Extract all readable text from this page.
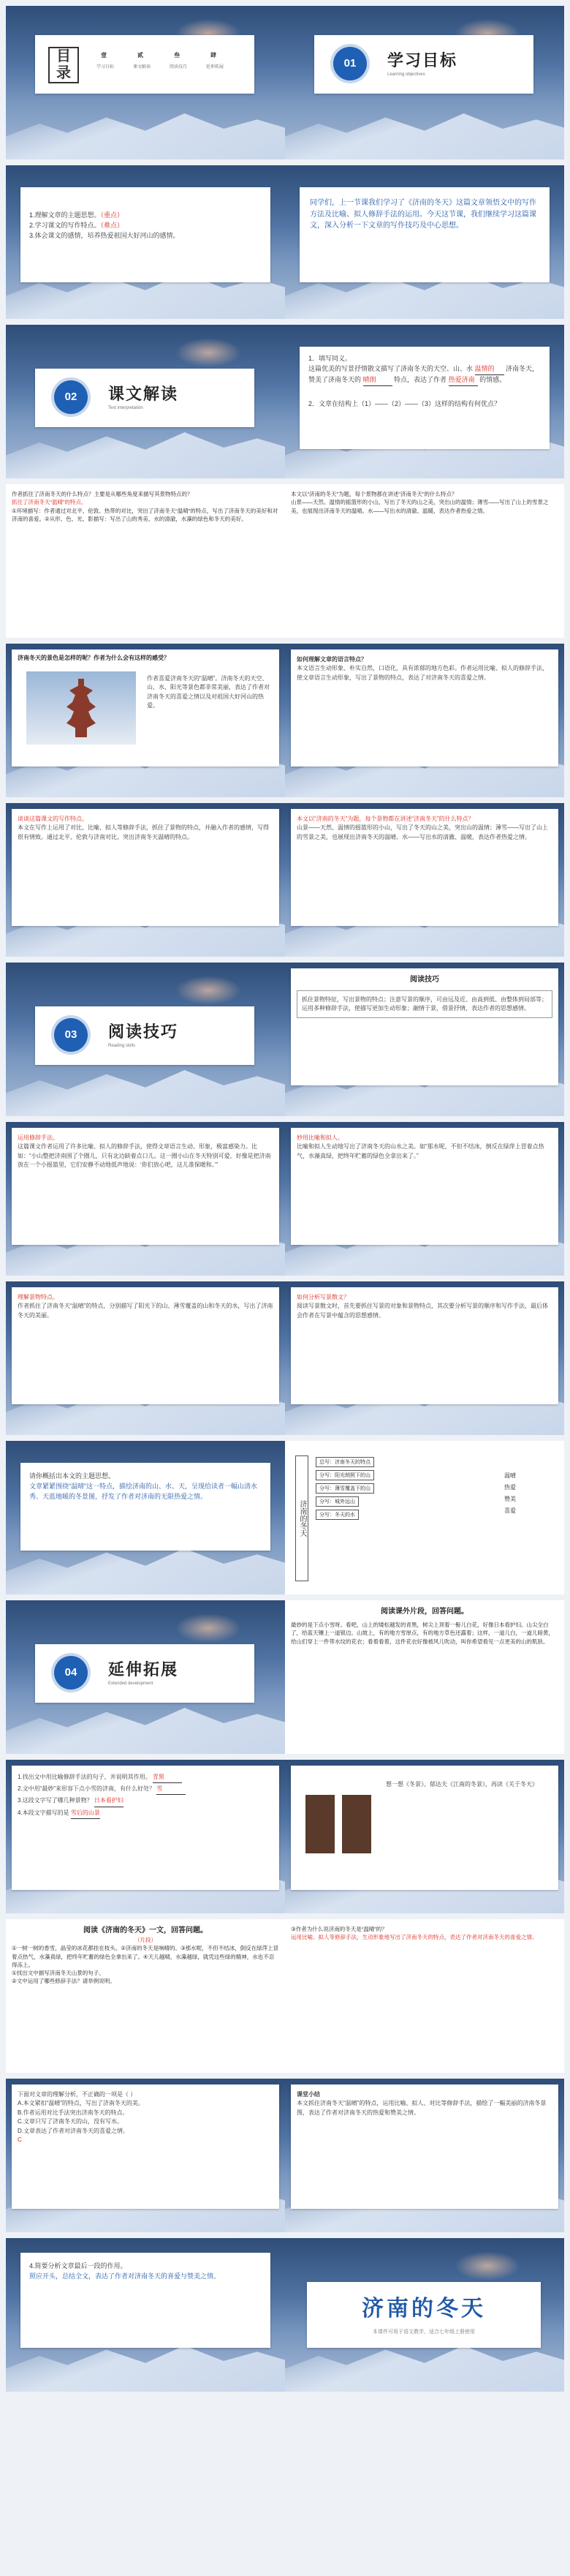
目录
壹	贰	叁	肆
学习目标	课文解读	阅读技巧	延伸拓展	01	学习目标
Learning objectives
1.理解文章的主题思想。（重点）
2.学习课文的写作特点。（难点）
3.体会课文的感情，培养热爱祖国大好河山的感情。
同学们，上一节课我们学习了《济南的冬天》这篇文章领悟文中的写作方法及比喻、拟人修辞手法的运用。今天这节课，我们继续学习这篇课文，深入分析一下文章的写作技巧及中心思想。
02	课文解读
Text interpretation
1．填写同义。
这篇优美的写景抒情散文描写了济南冬天的天空、山、水 温情的 济南冬天，赞美了济南冬天的 晴朗	特点，表达了作者 热爱济南 的情感。
2．文章在结构上（1）——（2）——（3）这样的结构有何优点？
作者抓住了济南冬天的什么特点？主要是从哪些角度来描写其景物特点的？
抓住了济南冬天“温晴”的特点。
①环境描写：作者通过对北平、伦敦、热带的对比，突出了济南冬天“温晴”的特点，写出了济南冬天的美好和对济南的喜爱。②从形、色、光、影描写：写出了山的秀美、水的清澈，水藻的绿色和冬天的美好。
本文以“济南的冬天”为题，每个景物都在讲述“济南冬天”的什么特点？
山景——天然、温情的摇篮形的小山，写出了冬天的山之美，突出山的温情；薄雪——写出了山上的雪景之美，也展现出济南冬天的温晴。水——写出水的清澈、温暖，表达作者热爱之情。
济南冬天的景色是怎样的呢？作者为什么会有这样的感受？
作者喜爱济南冬天的“温晴”。济南冬天的天空、山、水、阳光等景色都非常美丽，表达了作者对济南冬天的喜爱之情以及对祖国大好河山的热爱。
如何理解文章的语言特点？
本文语言生动形象、朴实自然，口语化，具有浓郁的地方色彩。作者运用比喻、拟人的修辞手法，使文章语言生动形象，写出了景物的特点，表达了对济南冬天的喜爱之情。
谈谈这篇课文的写作特点。
本文在写作上运用了对比、比喻、拟人等修辞手法，抓住了景物的特点，并融入作者的感情，写得很有情致。通过北平、伦敦与济南对比，突出济南冬天温晴的特点。
本文以“济南的冬天”为题，每个景物都在讲述“济南冬天”的什么特点？
山景——天然、温情的摇篮形的小山，写出了冬天的山之美，突出山的温情；薄雪——写出了山上的雪景之美，也展现出济南冬天的温晴。水——写出水的清澈、温暖，表达作者热爱之情。
03	阅读技巧
Reading skills
阅读技巧
抓住景物特征，写出景物的特点；注意写景的顺序，可由远及近、由高到低、由整体到局部等；运用多种修辞手法，使描写更加生动形象；融情于景，借景抒情，表达作者的思想感情。
运用修辞手法。
这篇课文作者运用了许多比喻、拟人的修辞手法，使得文章语言生动、形象，极富感染力。比如：“小山整把济南围了个圈儿，只有北边缺着点口儿。这一圈小山在冬天特别可爱，好像是把济南放在一个小摇篮里，它们安静不动地低声地说：‘你们放心吧，这儿准保暖和。’”
妙用比喻和拟人。
比喻和拟人生动地写出了济南冬天的山水之美。如“那水呢，不但不结冰，倒反在绿萍上冒着点热气，水藻真绿，把终年贮蓄的绿色全拿出来了。”
理解景物特点。
作者抓住了济南冬天“温晴”的特点，分别描写了阳光下的山、薄雪覆盖的山和冬天的水，写出了济南冬天的美丽。
如何分析写景散文？
阅读写景散文时，首先要抓住写景的对象和景物特点，其次要分析写景的顺序和写作手法，最后体会作者在写景中蕴含的思想感情。
请你概括出本文的主题思想。
文章紧紧围绕“温晴”这一特点，描绘济南的山、水、天，呈现给读者一幅山清水秀、天蓝地暖的冬景图，抒发了作者对济南的无限热爱之情。
济南的冬天
总写：济南冬天的特点
分写：阳光朗照下的山
分写：薄雪覆盖下的山
分写：城外远山
分写：冬天的水
温晴
热爱
赞美
喜爱
04	延伸拓展
Extended development
阅读课外片段，回答问题。
最妙的是下点小雪呀。看吧，山上的矮松越发的青黑，树尖上顶着一髻儿白花，好像日本看护妇。山尖全白了，给蓝天镶上一道银边。山坡上，有的地方雪厚点，有的地方草色还露着；这样，一道儿白，一道儿暗黄，给山们穿上一件带水纹的花衣；看着看着，这件花衣好像被风儿吹动，叫你希望看见一点更美的山的肌肤。
1.找出文中用比喻修辞手法的句子，并说明其作用。 青黑
2.文中用“最妙”来形容下点小雪的济南，有什么好处？ 雪
3.这段文字写了哪几种景物？ 日本看护妇
4.本段文字描写的是 雪后的山景
想一想《冬景》、郁达夫《江南的冬景》，再读《关于冬天》
阅读《济南的冬天》一文，回答问题。
（片段）
①一树一树的香雪，晶莹的冰花都挂在枝头。②济南的冬天是响晴的。③那水呢，不但不结冰，倒反在绿萍上冒着点热气，水藻真绿，把终年贮蓄的绿色全拿出来了。④天儿越晴，水藻越绿，就凭这些绿的精神，水也不忍得冻上。
①找出文中描写济南冬天山景的句子。
②文中运用了哪些修辞手法？请举例说明。
③作者为什么说济南的冬天是“温晴”的？
运用比喻、拟人等修辞手法，生动形象地写出了济南冬天的特点，表达了作者对济南冬天的喜爱之情。
下面对文章的理解分析，不正确的一项是（ ）
A.本文紧扣“温晴”的特点，写出了济南冬天的美。
B.作者运用对比手法突出济南冬天的特点。
C.文章只写了济南冬天的山，没有写水。
D.文章表达了作者对济南冬天的喜爱之情。
C
课堂小结
本文抓住济南冬天“温晴”的特点，运用比喻、拟人、对比等修辞手法，描绘了一幅美丽的济南冬景图，表达了作者对济南冬天的热爱和赞美之情。
4.简要分析文章最后一段的作用。
照应开头，总结全文，表达了作者对济南冬天的喜爱与赞美之情。
济南的冬天
本课件可用于语文教学，适合七年级上册使用
